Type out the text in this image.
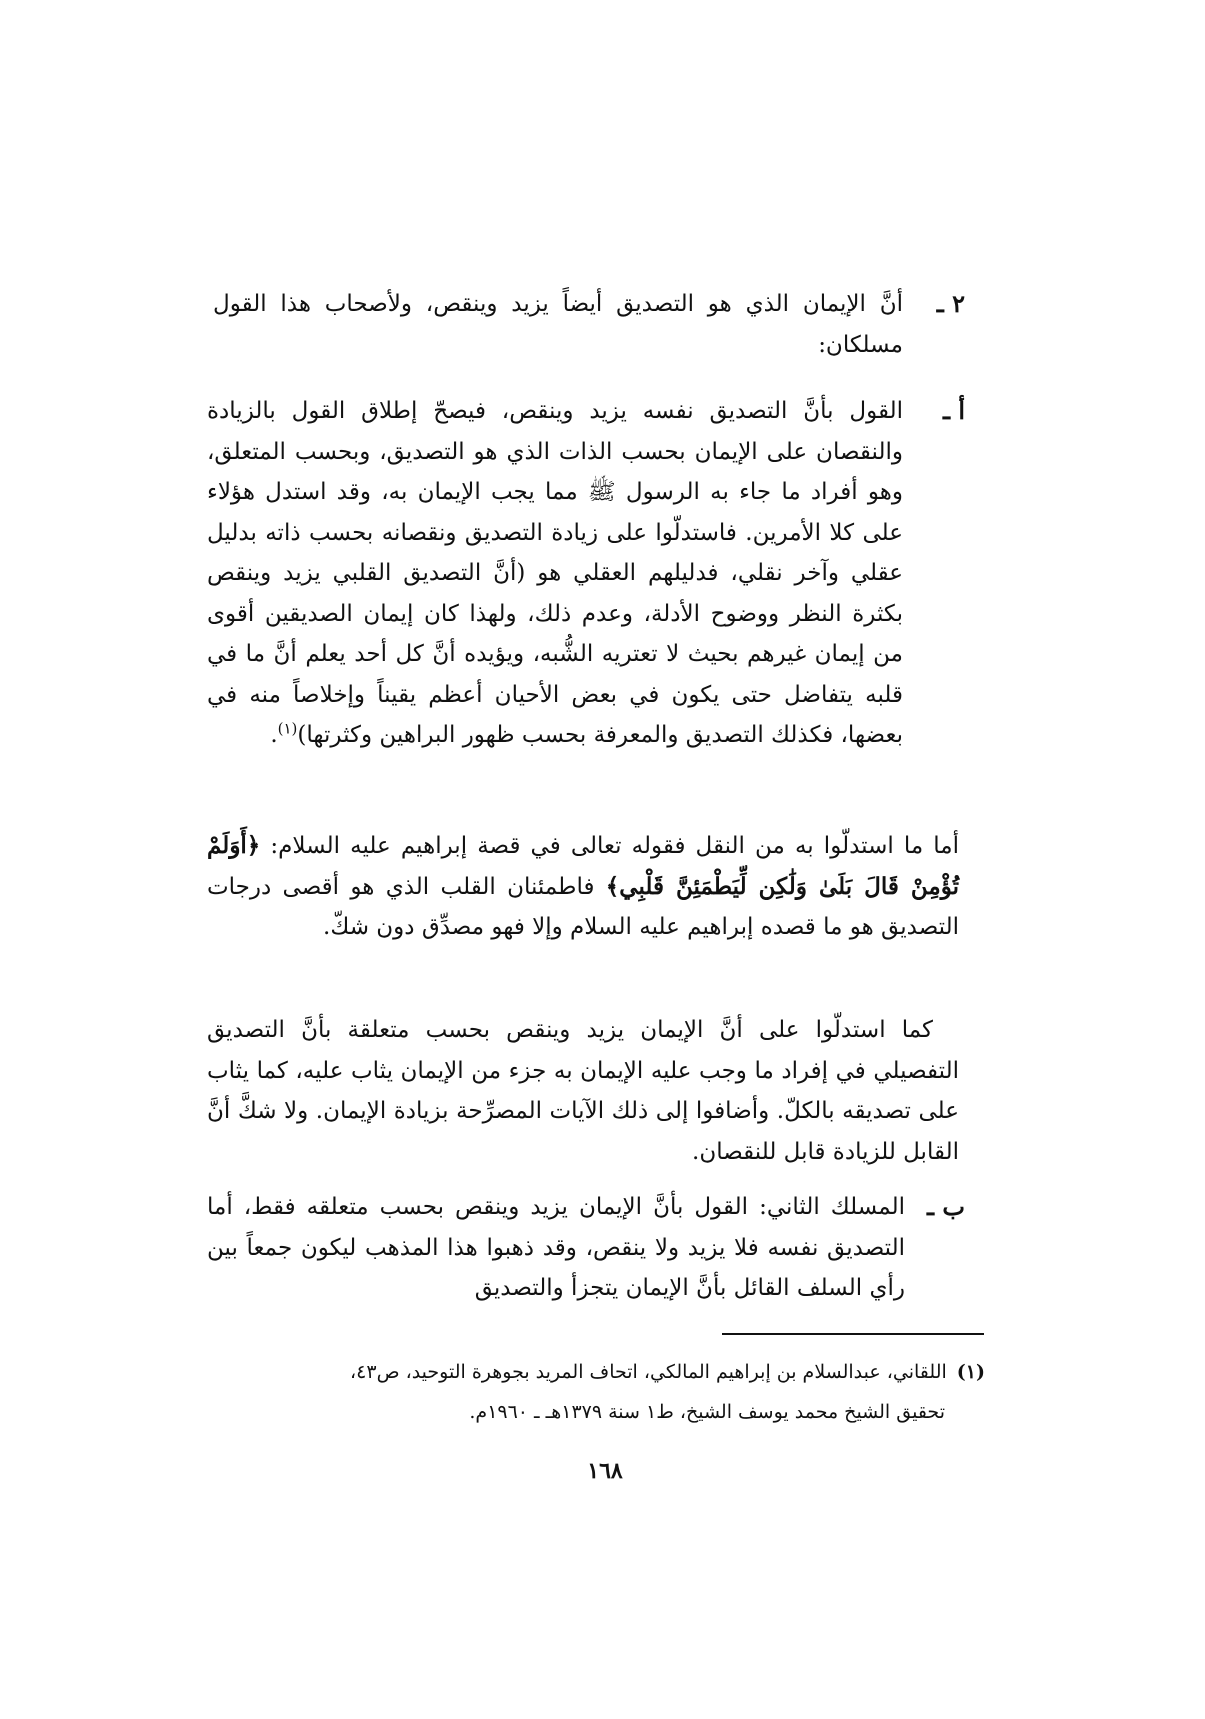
٢ ـ
أنَّ الإيمان الذي هو التصديق أيضاً يزيد وينقص، ولأصحاب هذا القول مسلكان:
أ ـ
القول بأنَّ التصديق نفسه يزيد وينقص، فيصحّ إطلاق القول بالزيادة والنقصان على الإيمان بحسب الذات الذي هو التصديق، وبحسب المتعلق، وهو أفراد ما جاء به الرسول ﷺ مما يجب الإيمان به، وقد استدل هؤلاء على كلا الأمرين. فاستدلّوا على زيادة التصديق ونقصانه بحسب ذاته بدليل عقلي وآخر نقلي، فدليلهم العقلي هو (أنَّ التصديق القلبي يزيد وينقص بكثرة النظر ووضوح الأدلة، وعدم ذلك، ولهذا كان إيمان الصديقين أقوى من إيمان غيرهم بحيث لا تعتريه الشُّبه، ويؤيده أنَّ كل أحد يعلم أنَّ ما في قلبه يتفاضل حتى يكون في بعض الأحيان أعظم يقيناً وإخلاصاً منه في بعضها، فكذلك التصديق والمعرفة بحسب ظهور البراهين وكثرتها)$^{(١)}$.
أما ما استدلّوا به من النقل فقوله تعالى في قصة إبراهيم عليه السلام: ﴿أَوَلَمْ تُؤْمِنْ قَالَ بَلَىٰ وَلَٰكِن لِّيَطْمَئِنَّ قَلْبِي﴾ فاطمئنان القلب الذي هو أقصى درجات التصديق هو ما قصده إبراهيم عليه السلام وإلا فهو مصدِّق دون شكّ.
كما استدلّوا على أنَّ الإيمان يزيد وينقص بحسب متعلقة بأنَّ التصديق التفصيلي في إفراد ما وجب عليه الإيمان به جزء من الإيمان يثاب عليه، كما يثاب على تصديقه بالكلّ. وأضافوا إلى ذلك الآيات المصرِّحة بزيادة الإيمان. ولا شكَّ أنَّ القابل للزيادة قابل للنقصان.
ب ـ
المسلك الثاني: القول بأنَّ الإيمان يزيد وينقص بحسب متعلقه فقط، أما التصديق نفسه فلا يزيد ولا ينقص، وقد ذهبوا هذا المذهب ليكون جمعاً بين رأي السلف القائل بأنَّ الإيمان يتجزأ والتصديق
(١)اللقاني، عبدالسلام بن إبراهيم المالكي، اتحاف المريد بجوهرة التوحيد، ص٤٣،
تحقيق الشيخ محمد يوسف الشيخ، ط١ سنة ١٣٧٩هـ ـ ١٩٦٠م.
١٦٨
